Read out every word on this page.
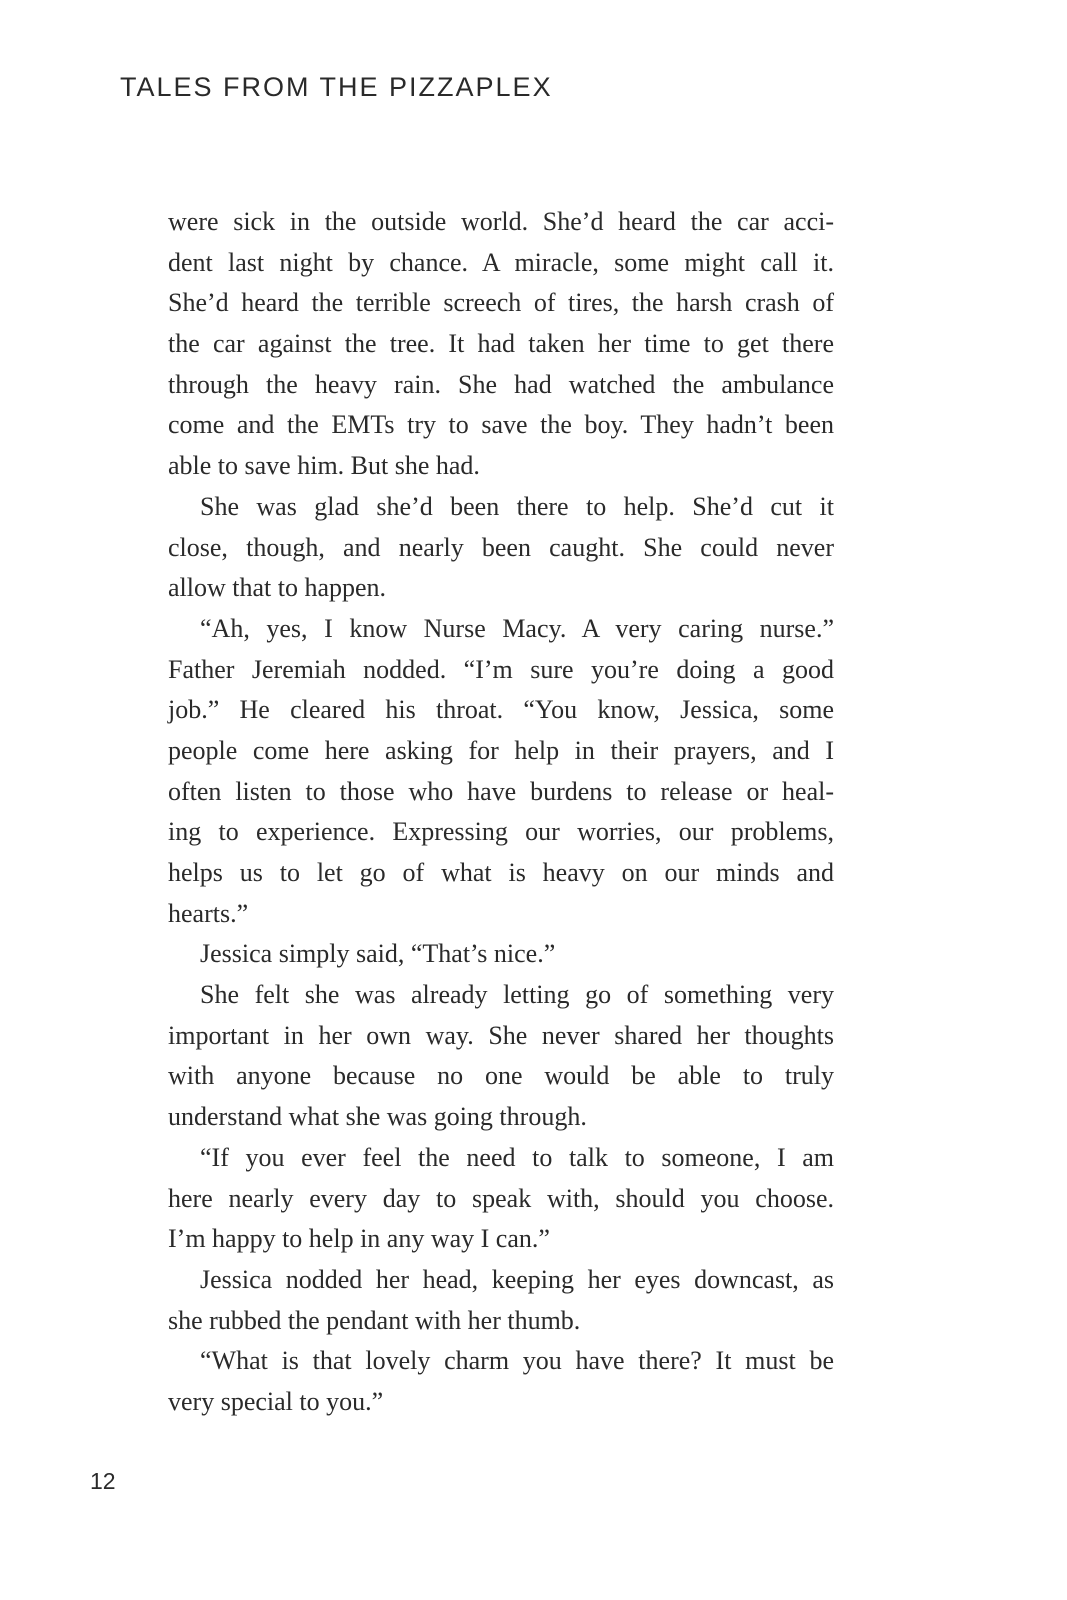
TALES FROM THE PIZZAPLEX
were sick in the outside world. She’d heard the car acci-
dent last night by chance. A miracle, some might call it.
She’d heard the terrible screech of tires, the harsh crash of
the car against the tree. It had taken her time to get there
through the heavy rain. She had watched the ambulance
come and the EMTs try to save the boy. They hadn’t been
able to save him. But she had.
She was glad she’d been there to help. She’d cut it
close, though, and nearly been caught. She could never
allow that to happen.
“Ah, yes, I know Nurse Macy. A very caring nurse.”
Father Jeremiah nodded. “I’m sure you’re doing a good
job.” He cleared his throat. “You know, Jessica, some
people come here asking for help in their prayers, and I
often listen to those who have burdens to release or heal-
ing to experience. Expressing our worries, our problems,
helps us to let go of what is heavy on our minds and
hearts.”
Jessica simply said, “That’s nice.”
She felt she was already letting go of something very
important in her own way. She never shared her thoughts
with anyone because no one would be able to truly
understand what she was going through.
“If you ever feel the need to talk to someone, I am
here nearly every day to speak with, should you choose.
I’m happy to help in any way I can.”
Jessica nodded her head, keeping her eyes downcast, as
she rubbed the pendant with her thumb.
“What is that lovely charm you have there? It must be
very special to you.”
12
